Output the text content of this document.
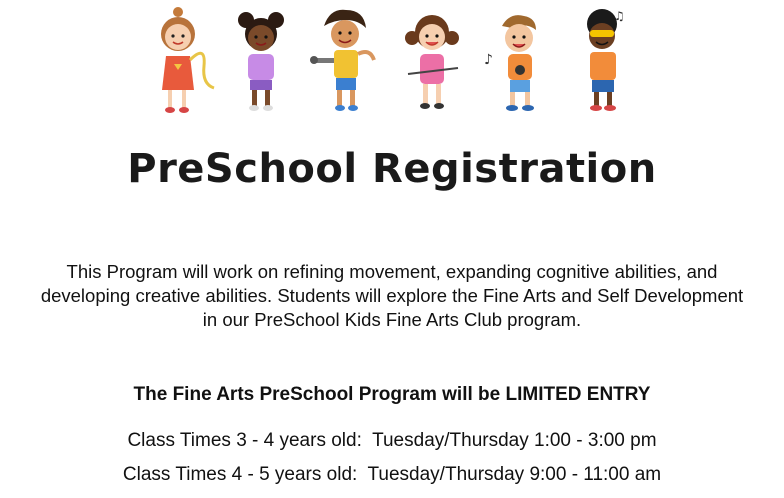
♪
♫
PreSchool Registration
This Program will work on refining movement, expanding cognitive abilities, and
developing creative abilities. Students will explore the Fine Arts and Self Development
in our PreSchool Kids Fine Arts Club program.
The Fine Arts PreSchool Program will be LIMITED ENTRY
Class Times 3 - 4 years old: Tuesday/Thursday 1:00 - 3:00 pm
Class Times 4 - 5 years old: Tuesday/Thursday 9:00 - 11:00 am
